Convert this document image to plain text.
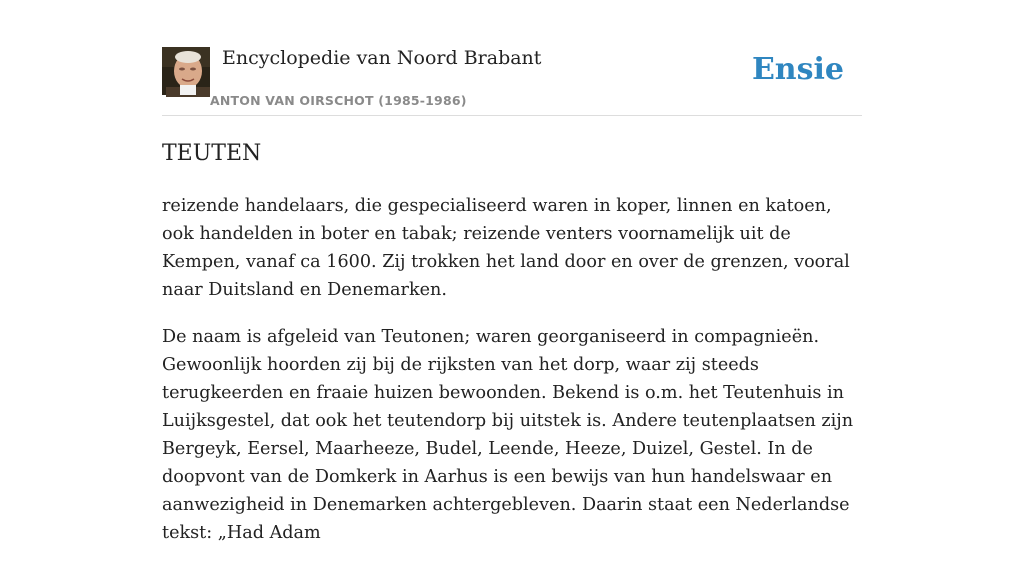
Encyclopedie van Noord Brabant
ANTON VAN OIRSCHOT (1985-1986)
Ensie
TEUTEN

reizende handelaars, die gespecialiseerd waren in koper, linnen en katoen, ook handelden in boter en tabak; reizende venters voornamelijk uit de Kempen, vanaf ca 1600. Zij trokken het land door en over de grenzen, vooral naar Duitsland en Denemarken.

De naam is afgeleid van Teutonen; waren georganiseerd in compagnieën. Gewoonlijk hoorden zij bij de rijksten van het dorp, waar zij steeds terugkeerden en fraaie huizen bewoonden. Bekend is o.m. het Teutenhuis in Luijksgestel, dat ook het teutendorp bij uitstek is. Andere teutenplaatsen zijn Bergeyk, Eersel, Maarheeze, Budel, Leende, Heeze, Duizel, Gestel. In de doopvont van de Domkerk in Aarhus is een bewijs van hun handelswaar en aanwezigheid in Denemarken achtergebleven. Daarin staat een Nederlandse tekst: „Had Adam
